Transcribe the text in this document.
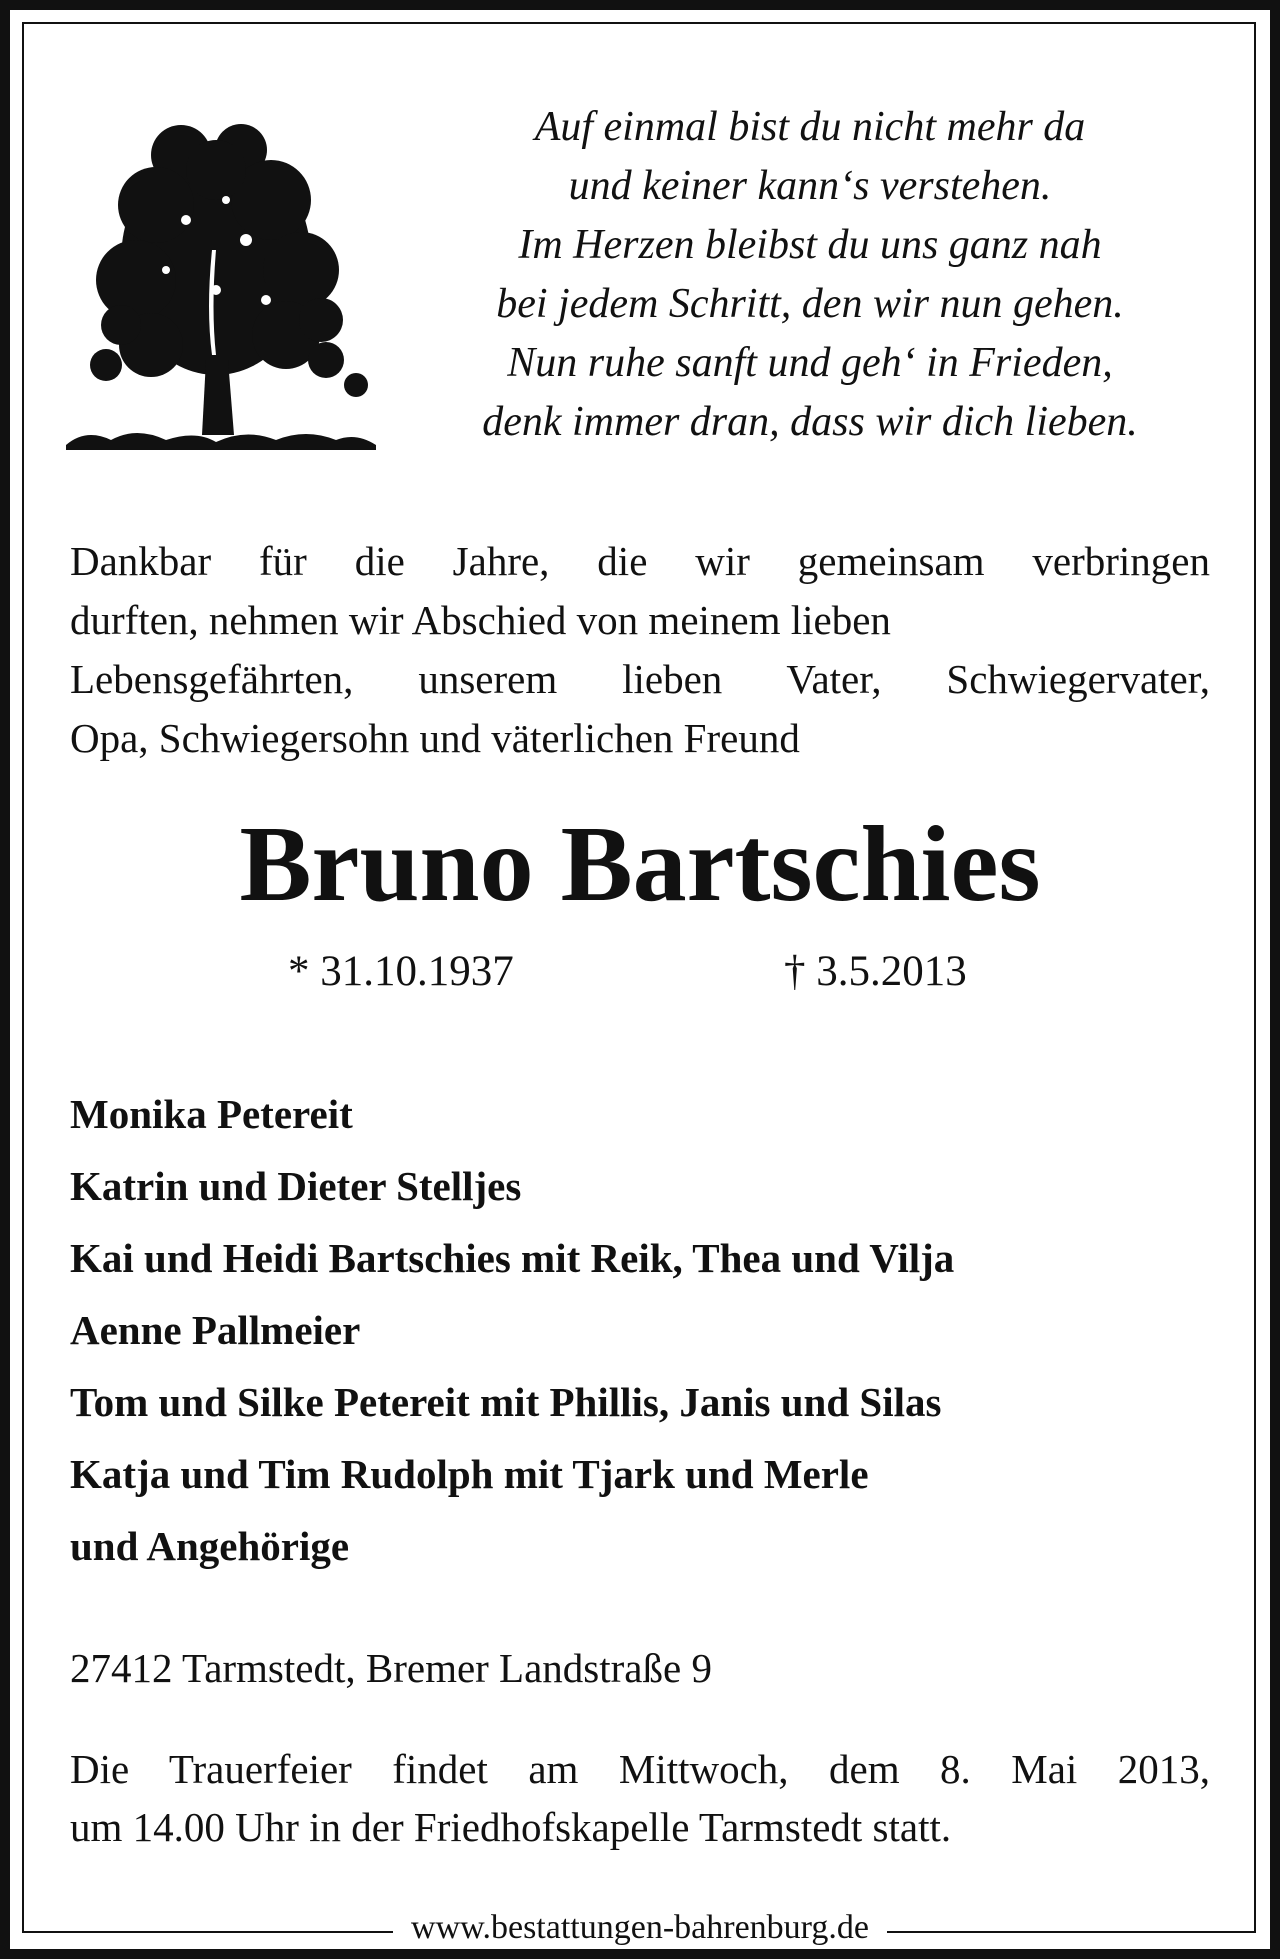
Auf einmal bist du nicht mehr da
und keiner kann‘s verstehen.
Im Herzen bleibst du uns ganz nah
bei jedem Schritt, den wir nun gehen.
Nun ruhe sanft und geh‘ in Frieden,
denk immer dran, dass wir dich lieben.
Dankbar für die Jahre, die wir gemeinsam verbringen
durften, nehmen wir Abschied von meinem lieben
Lebensgefährten, unserem lieben Vater, Schwiegervater,
Opa, Schwiegersohn und väterlichen Freund
Bruno Bartschies
* 31.10.1937	† 3.5.2013
Monika Petereit
Katrin und Dieter Stelljes
Kai und Heidi Bartschies mit Reik, Thea und Vilja
Aenne Pallmeier
Tom und Silke Petereit mit Phillis, Janis und Silas
Katja und Tim Rudolph mit Tjark und Merle
und Angehörige
27412 Tarmstedt, Bremer Landstraße 9
Die Trauerfeier findet am Mittwoch, dem 8. Mai 2013,
um 14.00 Uhr in der Friedhofskapelle Tarmstedt statt.
www.bestattungen-bahrenburg.de
